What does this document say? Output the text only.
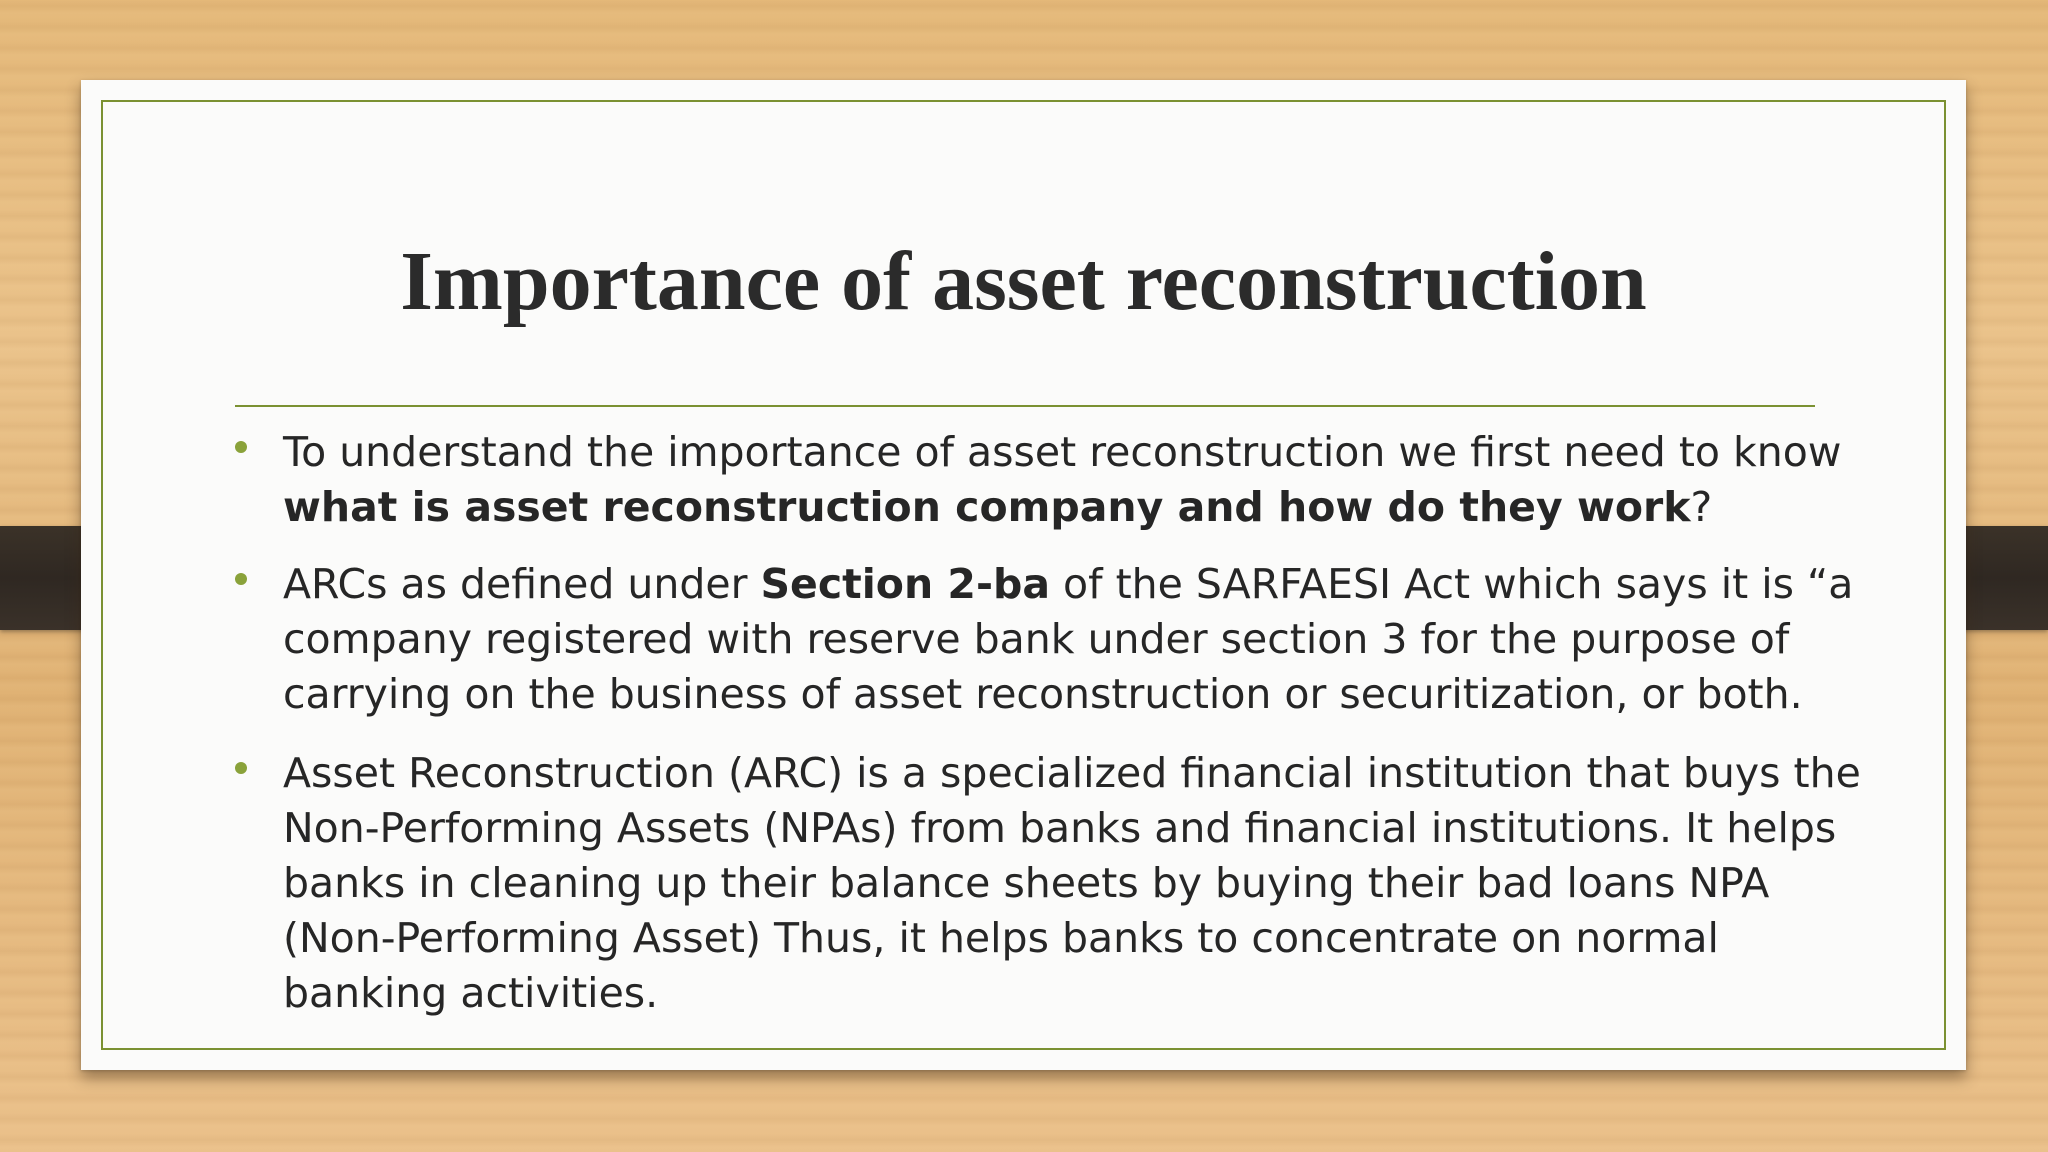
Importance of asset reconstruction
To understand the importance of asset reconstruction we first need to know what is asset reconstruction company and how do they work?
ARCs as defined under Section 2-ba of the SARFAESI Act which says it is “a company registered with reserve bank under section 3 for the purpose of carrying on the business of asset reconstruction or securitization, or both.
Asset Reconstruction (ARC) is a specialized financial institution that buys the Non-Performing Assets (NPAs) from banks and financial institutions. It helps banks in cleaning up their balance sheets by buying their bad loans NPA (Non-Performing Asset) Thus, it helps banks to concentrate on normal banking activities.
